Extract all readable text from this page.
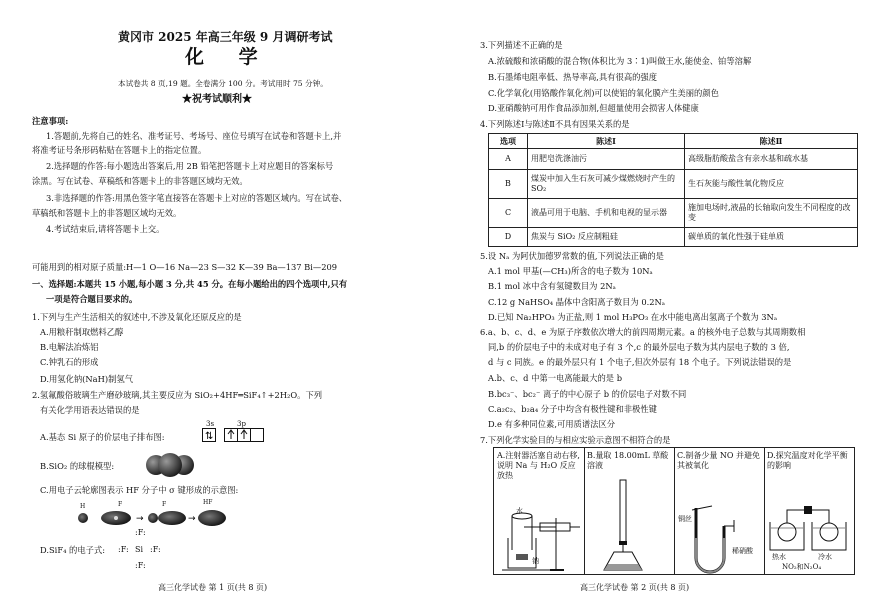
黄冈市 2025 年高三年级 9 月调研考试
化 学
本试卷共 8 页,19 题。全卷满分 100 分。考试用时 75 分钟。
★祝考试顺利★
注意事项:
1.答题前,先将自己的姓名、准考证号、考场号、座位号填写在试卷和答题卡上,并
将准考证号条形码粘贴在答题卡上的指定位置。
2.选择题的作答:每小题选出答案后,用 2B 铅笔把答题卡上对应题目的答案标号
涂黑。写在试卷、草稿纸和答题卡上的非答题区域均无效。
3.非选择题的作答:用黑色签字笔直接答在答题卡上对应的答题区域内。写在试卷、
草稿纸和答题卡上的非答题区域均无效。
4.考试结束后,请将答题卡上交。
可能用到的相对原子质量:H—1 O—16 Na—23 S—32 K—39 Ba—137 Bi—209
一、选择题:本题共 15 小题,每小题 3 分,共 45 分。在每小题给出的四个选项中,只有
一项是符合题目要求的。
1.下列与生产生活相关的叙述中,不涉及氧化还原反应的是
A.用粮秆制取燃料乙醇
B.电解法冶炼铝
C.钟乳石的形成
D.用氢化钠(NaH)制氢气
2.氢氟酸俗玻璃生产磨砂玻璃,其主要反应为 SiO₂+4HF═SiF₄↑+2H₂O。下列
有关化学用语表达错误的是
A.基态 Si 原子的价层电子排布图:
3s	3p
⇅
B.SiO₂ 的球棍模型:
C.用电子云轮廓图表示 HF 分子中 σ 键形成的示意图:
H	F	F	HF
→	→
D.SiF₄ 的电子式:
:F:
:F: Si :F:
:F:
高三化学试卷 第 1 页(共 8 页)
3.下列描述不正确的是
A.浓硫酸和浓硝酸的混合物(体积比为 3∶1)叫做王水,能使金、铂等溶解
B.石墨烯电阻率低、热导率高,具有很高的强度
C.化学氧化(用铬酸作氧化剂)可以使铝的氧化膜产生美丽的颜色
D.亚硝酸钠可用作食品添加剂,但超量使用会损害人体健康
4.下列陈述Ⅰ与陈述Ⅱ不具有因果关系的是
选项	陈述Ⅰ	陈述Ⅱ
A	用肥皂洗涤油污	高级脂肪酸盐含有亲水基和疏水基
B	煤炭中加入生石灰可减少煤燃烧时产生的 SO₂	生石灰能与酸性氧化物反应
C	液晶可用于电脑、手机和电视的显示器	施加电场时,液晶的长轴取向发生不同程度的改变
D	焦炭与 SiO₂ 反应制粗硅	碳单质的氧化性强于硅单质
5.设 Nₐ 为阿伏加德罗常数的值,下列说法正确的是
A.1 mol 甲基(—CH₃)所含的电子数为 10Nₐ
B.1 mol 冰中含有氢键数目为 2Nₐ
C.12 g NaHSO₄ 晶体中含阳离子数目为 0.2Nₐ
D.已知 Na₂HPO₃ 为正盐,则 1 mol H₃PO₃ 在水中能电离出氢离子个数为 3Nₐ
6.a、b、c、d、e 为原子序数依次增大的前四周期元素。a 的核外电子总数与其周期数相
同,b 的价层电子中的未成对电子有 3 个,c 的最外层电子数为其内层电子数的 3 倍,
d 与 c 同族。e 的最外层只有 1 个电子,但次外层有 18 个电子。下列说法错误的是
A.b、c、d 中第一电离能最大的是 b
B.bc₃⁻、bc₂⁻ 离子的中心原子 b 的价层电子对数不同
C.a₂c₂、b₂a₄ 分子中均含有极性键和非极性键
D.e 有多种同位素,可用质谱法区分
7.下列化学实验目的与相应实验示意图不相符合的是
高三化学试卷 第 2 页(共 8 页)
A.注射器活塞自动右移,说明 Na 与 H₂O 反应放热
水
钠
B.量取 18.00mL 草酸溶液
C.制备少量 NO 并避免其被氧化
铜丝
稀硝酸
D.探究温度对化学平衡的影响
热水	冷水
NO₂和N₂O₄
